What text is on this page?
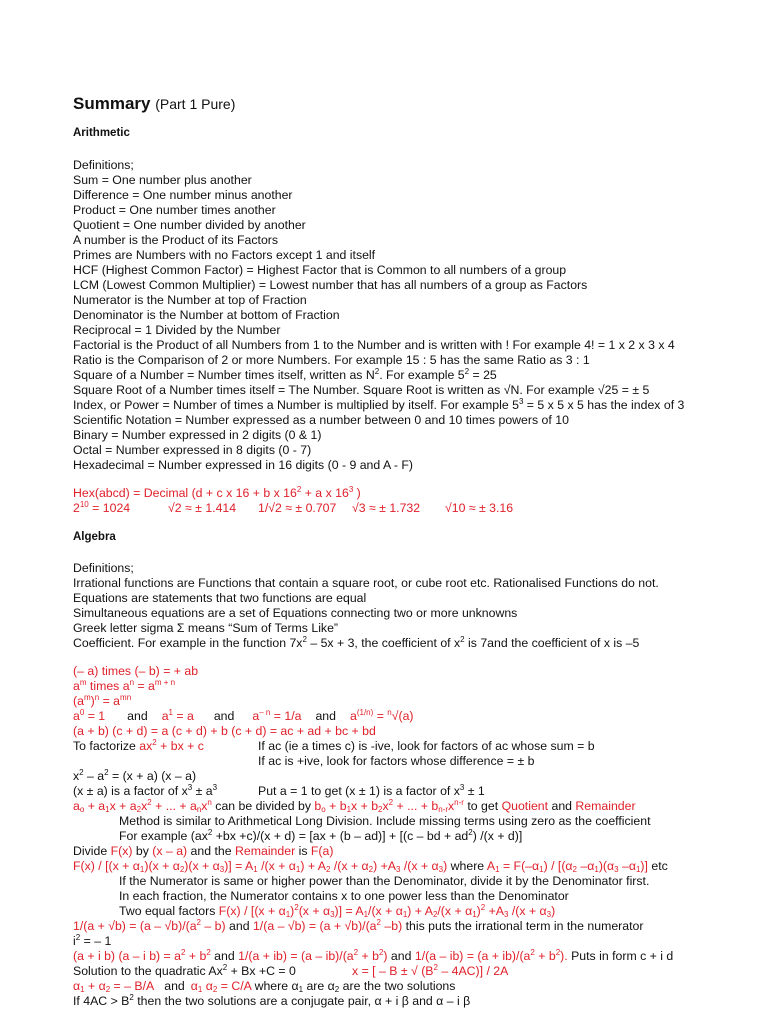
Summary (Part 1 Pure)
Arithmetic
Definitions;
Sum = One number plus another
Difference = One number minus another
Product = One number times another
Quotient = One number divided by another
A number is the Product of its Factors
Primes are Numbers with no Factors except 1 and itself
HCF (Highest Common Factor) = Highest Factor that is Common to all numbers of a group
LCM (Lowest Common Multiplier) = Lowest number that has all numbers of a group as Factors
Numerator is the Number at top of Fraction
Denominator is the Number at bottom of Fraction
Reciprocal = 1 Divided by the Number
Factorial is the Product of all Numbers from 1 to the Number and is written with ! For example 4! = 1 x 2 x 3 x 4
Ratio is the Comparison of 2 or more Numbers. For example 15 : 5 has the same Ratio as 3 : 1
Square of a Number = Number times itself, written as $N^2$. For example $5^2 = 25$
Square Root of a Number times itself = The Number. Square Root is written as √N. For example √25 = ± 5
Index, or Power = Number of times a Number is multiplied by itself. For example $5^3 = 5$ x 5 x 5 has the index of 3
Scientific Notation = Number expressed as a number between 0 and 10 times powers of 10
Binary = Number expressed in 2 digits (0 & 1)
Octal = Number expressed in 8 digits (0 - 7)
Hexadecimal = Number expressed in 16 digits (0 - 9 and A - F)
Hex(abcd) = Decimal (d + c x 16 + b x $16^2 + a$ x $16^3$ )
$2^{10} = 1024$	√2 ≈ ± 1.414 1/√2 ≈ ± 0.707 √3 ≈ ± 1.732 √10 ≈ ± 3.16
Algebra
Definitions;
Irrational functions are Functions that contain a square root, or cube root etc. Rationalised Functions do not.
Equations are statements that two functions are equal
Simultaneous equations are a set of Equations connecting two or more unknowns
Greek letter sigma Σ means “Sum of Terms Like”
Coefficient. For example in the function $7x^2 - 5x + 3$, the coefficient of $x^2$ is 7and the coefficient of x is –5
(– a) times (– b) = + ab
$a^m$ times $a^n = a^{m + n}$
$(a^m)^n = a^{mn}$
$a^0 = 1$ and $a^1 = a$ and $a^{- n} = 1/a$ and $a^{(1/n)} = ^n√(a)$
(a + b) (c + d) = a (c + d) + b (c + d) = ac + ad + bc + bd
To factorize $ax^2$ + bx + c	If ac (ie a times c) is -ive, look for factors of ac whose sum = b
If ac is +ive, look for factors whose difference = ± b
$x^2 - a^2 = (x + a)$ (x – a)
(x ± a) is a factor of $x^3 \pm a^3$	Put a = 1 to get (x ± 1) is a factor of $x^3 \pm 1$
$a_o + a_1x + a_2x^2$ + ... + $a_nx^n$ can be divided by $b_o + b_1x + b_2x^2$ + ... + $b_{n-r}x^{n-r}$ to get Quotient and Remainder
Method is similar to Arithmetical Long Division. Include missing terms using zero as the coefficient
For example $(ax^2 +bx +c)/(x + d) = [ax + (b - ad)] + [(c$ – bd + $ad^2$) /(x + d)]
Divide F(x) by (x – a) and the Remainder is F(a)
$F(x) / [(x + \alpha_1)(x + \alpha_2)(x + \alpha_3)] = A_1$ $/(x + \alpha_1) + A_2$ $/(x + \alpha_2) +A_3$ $/(x + \alpha_3)$ where $A_1 = F(-\alpha_1) / [(\alpha_2$ $-\alpha_1)(\alpha_3$ $-\alpha_1$)] etc
If the Numerator is same or higher power than the Denominator, divide it by the Denominator first.
In each fraction, the Numerator contains x to one power less than the Denominator
Two equal factors $F(x) / [(x + \alpha_1)^2(x + \alpha_3)] = A_1/(x + \alpha_1) + A_2/(x + \alpha_1)^2 +A_3$ $/(x + \alpha_3)$
$1/(a + √b) = (a - √b)/(a^2 - b)$ and $1/(a - √b) = (a + √b)/(a^2$ –b) this puts the irrational term in the numerator
$i^2$ = – 1
(a + i b) (a – i $b) = a^2 + b^2$ and $1/(a + ib) = (a - ib)/(a^2 + b^2)$ and $1/(a - ib) = (a + ib)/(a^2 + b^2)$. Puts in form c + i d
Solution to the quadratic $Ax^2 + Bx +C = 0$	x = [ – B ± √ $(B^2 - 4AC)] / 2A$
$\alpha_1 + \alpha_2$ = – B/A and $\alpha_1$ $\alpha_2 = C/A$ where $\alpha_1$ are $\alpha_2$ are the two solutions
If $4AC > B^2$ then the two solutions are a conjugate pair, α + i β and α – i β
